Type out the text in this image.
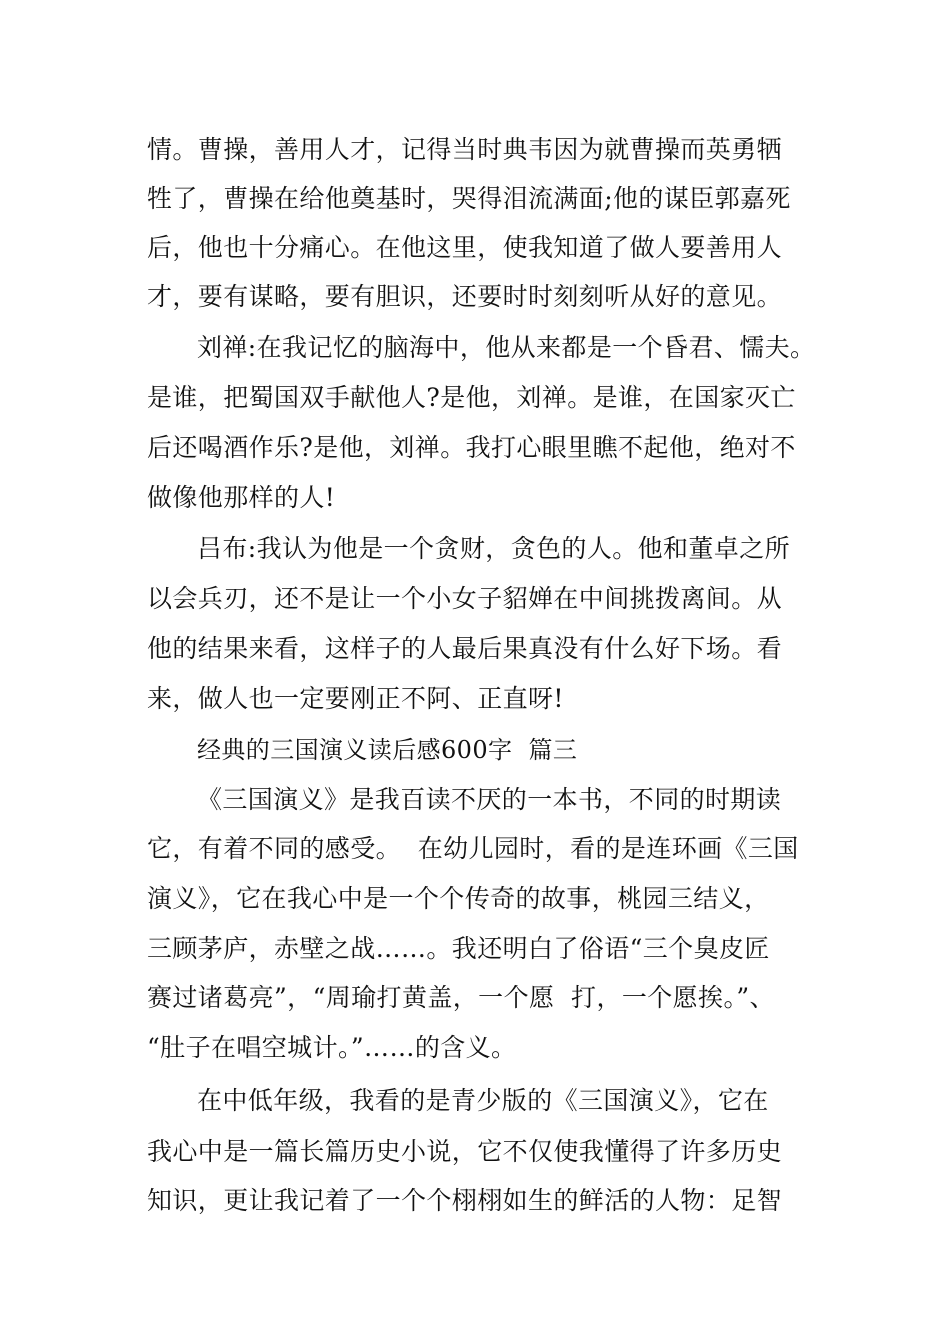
情。曹操，善用人才，记得当时典韦因为就曹操而英勇牺
牲了，曹操在给他奠基时，哭得泪流满面;他的谋臣郭嘉死
后，他也十分痛心。在他这里，使我知道了做人要善用人
才，要有谋略，要有胆识，还要时时刻刻听从好的意见。
刘禅:在我记忆的脑海中，他从来都是一个昏君、懦夫。
是谁，把蜀国双手献他人?是他，刘禅。是谁，在国家灭亡
后还喝酒作乐?是他，刘禅。我打心眼里瞧不起他，绝对不
做像他那样的人!
吕布:我认为他是一个贪财，贪色的人。他和董卓之所
以会兵刃，还不是让一个小女子貂婵在中间挑拨离间。从
他的结果来看，这样子的人最后果真没有什么好下场。看
来，做人也一定要刚正不阿、正直呀!
经典的三国演义读后感600字  篇三
《三国演义》是我百读不厌的一本书，不同的时期读
它，有着不同的感受。  在幼儿园时，看的是连环画《三国
演义》，它在我心中是一个个传奇的故事，桃园三结义，
三顾茅庐，赤壁之战……。我还明白了俗语“三个臭皮匠
赛过诸葛亮”，“周瑜打黄盖，一个愿  打，一个愿挨。”、
“肚子在唱空城计。”……的含义。
在中低年级，我看的是青少版的《三国演义》，它在
我心中是一篇长篇历史小说，它不仅使我懂得了许多历史
知识，更让我记着了一个个栩栩如生的鲜活的人物：足智
